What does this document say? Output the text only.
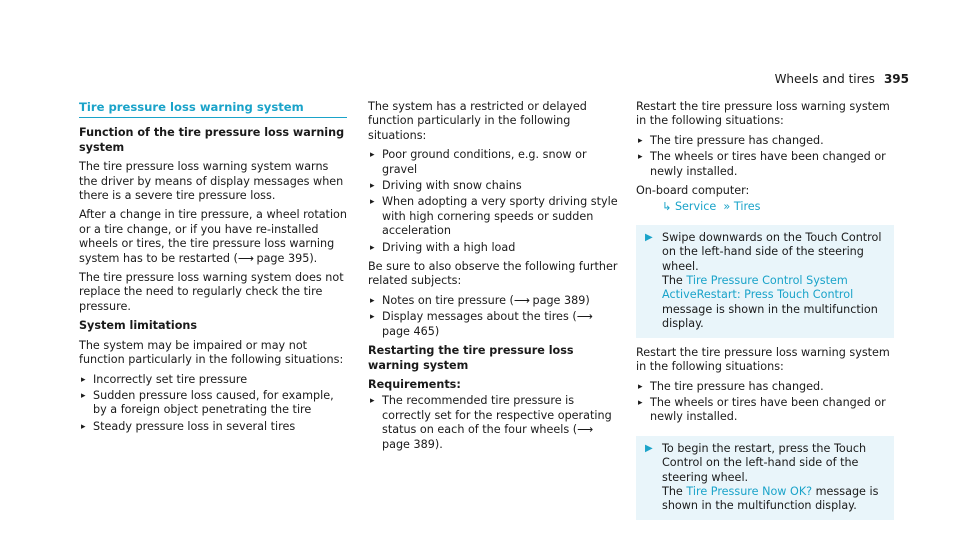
Wheels and tires 395
Tire pressure loss warning system

Function of the tire pressure loss warning system

The tire pressure loss warning system warns the driver by means of display messages when there is a severe tire pressure loss.

After a change in tire pressure, a wheel rotation or a tire change, or if you have re-installed wheels or tires, the tire pressure loss warning system has to be restarted (⟶ page 395).

The tire pressure loss warning system does not replace the need to regularly check the tire pressure.

System limitations

The system may be impaired or may not function particularly in the following situations:

▸ Incorrectly set tire pressure
▸ Sudden pressure loss caused, for example, by a foreign object penetrating the tire
▸ Steady pressure loss in several tires

The system has a restricted or delayed function particularly in the following situations:

▸ Poor ground conditions, e.g. snow or gravel
▸ Driving with snow chains
▸ When adopting a very sporty driving style with high cornering speeds or sudden acceleration
▸ Driving with a high load

Be sure to also observe the following further related subjects:

▸ Notes on tire pressure (⟶ page 389)
▸ Display messages about the tires (⟶ page 465)

Restarting the tire pressure loss warning system

Requirements:

▸ The recommended tire pressure is correctly set for the respective operating status on each of the four wheels (⟶ page 389).

Restart the tire pressure loss warning system in the following situations:

▸ The tire pressure has changed.
▸ The wheels or tires have been changed or newly installed.

On-board computer:

↳ Service » Tires
▶ Swipe downwards on the Touch Control on the left-hand side of the steering wheel.
The Tire Pressure Control System ActiveRestart: Press Touch Control message is shown in the multifunction display.

Restart the tire pressure loss warning system in the following situations:

▸ The tire pressure has changed.
▸ The wheels or tires have been changed or newly installed.
▶ To begin the restart, press the Touch Control on the left-hand side of the steering wheel.
The Tire Pressure Now OK? message is shown in the multifunction display.
